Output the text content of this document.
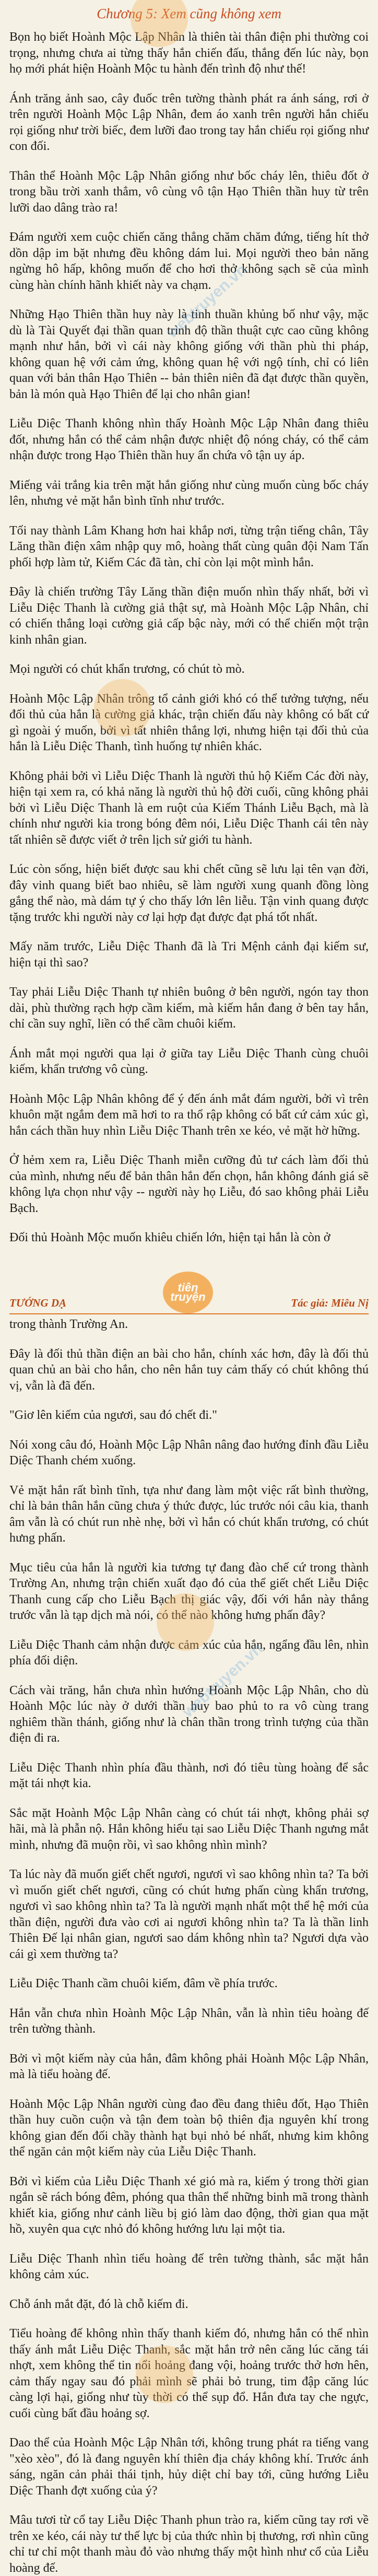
Chương 5: Xem cũng không xem

Bọn họ biết Hoành Mộc Lập Nhân là thiên tài thân điện phi thường coi trọng, nhưng chưa ai từng thấy hắn chiến đấu, thắng đến lúc này, bọn họ mới phát hiện Hoành Mộc tu hành đến trình độ như thế!

Ánh trăng ảnh sao, cây đuốc trên tường thành phát ra ánh sáng, rơi ở trên người Hoành Mộc Lập Nhân, đem áo xanh trên người hắn chiếu rọi giống như trời biếc, đem lưỡi đao trong tay hắn chiếu rọi giống như con đối.

Thân thể Hoành Mộc Lập Nhân giống như bốc cháy lên, thiêu đốt ở trong bầu trời xanh thẳm, vô cùng vô tận Hạo Thiên thần huy từ trên lưỡi dao dâng trào ra!

Đám người xem cuộc chiến căng thẳng chăm chăm đứng, tiếng hít thở dồn dập im bặt nhưng đều không dám lui. Mọi người theo bản năng ngừng hô hấp, không muốn để cho hơi thở không sạch sẽ của mình cùng hàn chính hãnh khiết này va chạm.

Những Hạo Thiên thần huy này là tinh thuần khủng bố như vậy, mặc dù là Tài Quyết đại thần quan trình độ thần thuật cực cao cũng không mạnh như hắn, bởi vì cái này không giống với thần phù thi pháp, không quan hệ với cảm ứng, không quan hệ với ngộ tính, chỉ có liên quan với bản thân Hạo Thiên -- bản thiên niên đã đạt được thần quyền, bản là món quà Hạo Thiên để lại cho nhân gian!

Liễu Diệc Thanh không nhìn thấy Hoành Mộc Lập Nhân đang thiêu đốt, nhưng hắn có thể cảm nhận được nhiệt độ nóng cháy, có thể cảm nhận được trong Hạo Thiên thần huy ẩn chứa vô tận uy áp.

Miếng vải trắng kia trên mặt hắn giống như cùng muốn cùng bốc cháy lên, nhưng vẻ mặt hắn bình tĩnh như trước.

Tối nay thành Lâm Khang hơn hai khắp nơi, từng trận tiếng chân, Tây Lăng thần điện xâm nhập quy mô, hoàng thất cùng quân đội Nam Tấn phối hợp làm tử, Kiếm Các đã tàn, chỉ còn lại một mình hắn.

Đây là chiến trường Tây Lăng thần điện muốn nhìn thấy nhất, bởi vì Liễu Diệc Thanh là cường giả thật sự, mà Hoành Mộc Lập Nhân, chỉ có chiến thắng loại cường giả cấp bậc này, mới có thể chiến một trận kinh nhân gian.

Mọi người có chút khẩn trương, có chút tò mò.

Hoành Mộc Lập Nhân trông tổ cảnh giới khó có thể tưởng tượng, nếu đối thủ của hắn là cường giả khác, trận chiến đấu này không có bất cứ gì ngoài ý muốn, bởi vì tất nhiên thắng lợi, nhưng hiện tại đối thủ của hắn là Liễu Diệc Thanh, tình huống tự nhiên khác.

Không phải bởi vì Liễu Diệc Thanh là người thủ hộ Kiếm Các đời này, hiện tại xem ra, có khả năng là người thủ hộ đời cuối, cũng không phải bởi vì Liễu Diệc Thanh là em ruột của Kiếm Thánh Liễu Bạch, mà là chính như người kia trong bóng đêm nói, Liễu Diệc Thanh cái tên này tất nhiên sẽ được viết ở trên lịch sử giới tu hành.

Lúc còn sống, hiện biết được sau khi chết cũng sẽ lưu lại tên vạn đời, đây vinh quang biết bao nhiêu, sẽ làm người xung quanh đồng lòng gắng thể nào, mà dám tự ý cho thấy lớn lên liễu. Tận vinh quang được tặng trước khi người này cơ lại hợp đạt được đạt phá tốt nhất.

Mấy năm trước, Liễu Diệc Thanh đã là Tri Mệnh cảnh đại kiếm sư, hiện tại thì sao?

Tay phải Liễu Diệc Thanh tự nhiên buông ở bên người, ngón tay thon dài, phù thường rạch hợp cầm kiếm, mà kiếm hắn đang ở bên tay hắn, chỉ cần suy nghĩ, liền có thể cầm chuôi kiếm.

Ánh mắt mọi người qua lại ở giữa tay Liễu Diệc Thanh cùng chuôi kiếm, khẩn trương vô cùng.

Hoành Mộc Lập Nhân không để ý đến ánh mắt đám người, bởi vì trên khuôn mặt ngắm đem mã hơi to ra thổ rập không có bất cứ cảm xúc gì, hắn cách thần huy nhìn Liễu Diệc Thanh trên xe kéo, vẻ mặt hờ hững.

Ở hẻm xem ra, Liễu Diệc Thanh miễn cưỡng đủ tư cách làm đối thủ của mình, nhưng nếu để bản thân hắn đến chọn, hắn không đánh giá sẽ không lựa chọn như vậy -- người này họ Liễu, đó sao không phải Liễu Bạch.

Đối thủ Hoành Mộc muốn khiêu chiến lớn, hiện tại hắn là còn ở

tiên
truyện
TƯỚNG DẠ	Tác giả: Miêu Nị

trong thành Trường An.

Đây là đối thủ thần điện an bài cho hắn, chính xác hơn, đây là đối thủ quan chủ an bài cho hắn, cho nên hắn tuy cảm thấy có chút không thú vị, vẫn là đã đến.

"Giơ lên kiếm của ngươi, sau đó chết đi."

Nói xong câu đó, Hoành Mộc Lập Nhân nâng đao hướng đỉnh đầu Liễu Diệc Thanh chém xuống.

Vẻ mặt hắn rất bình tĩnh, tựa như đang làm một việc rất bình thường, chỉ là bản thân hắn cũng chưa ý thức được, lúc trước nói câu kia, thanh âm vẫn là có chút run nhè nhẹ, bởi vì hắn có chút khẩn trương, có chút hưng phấn.

Mục tiêu của hắn là người kia tương tự đang đào chế cứ trong thành Trường An, nhưng trận chiến xuất đạo đó của thể giết chết Liễu Diệc Thanh cung cấp cho Liễu Bạch thị giác vậy, đối với hắn này thắng trước vẫn là tạp dịch mà nói, có thể nào không hưng phấn đây?

Liễu Diệc Thanh cảm nhận được cảm xúc của hắn, ngẩng đầu lên, nhìn phía đối diện.

Cách vài trăng, hắn chưa nhìn hướng Hoành Mộc Lập Nhân, cho dù Hoành Mộc lúc này ở dưới thần huy bao phủ to ra vô cùng trang nghiêm thần thánh, giống như là chân thần trong trình tượng của thần điện đi ra.

Liễu Diệc Thanh nhìn phía đầu thành, nơi đó tiêu tùng hoàng để sắc mặt tái nhợt kia.

Sắc mặt Hoành Mộc Lập Nhân càng có chút tái nhợt, không phải sợ hãi, mà là phẫn nộ. Hắn không hiểu tại sao Liễu Diệc Thanh ngưng mắt mình, nhưng đã muộn rồi, vì sao không nhìn mình?

Ta lúc này đã muốn giết chết ngươi, ngươi vì sao không nhìn ta? Ta bởi vì muốn giết chết ngươi, cũng có chút hưng phấn cùng khẩn trương, ngươi vì sao không nhìn ta? Ta là người mạnh nhất một thể hệ mới của thần điện, người đưa vào cơi ai ngươi không nhìn ta? Ta là thần linh Thiên Đế lại nhân gian, ngươi sao dám không nhìn ta? Ngươi dựa vào cái gì xem thường ta?

Liễu Diệc Thanh cầm chuôi kiếm, đâm về phía trước.

Hắn vẫn chưa nhìn Hoành Mộc Lập Nhân, vẫn là nhìn tiêu hoàng đế trên tường thành.

Bởi vì một kiếm này của hắn, đâm không phải Hoành Mộc Lập Nhân, mà là tiểu hoàng đế.

Hoành Mộc Lập Nhân người cùng đao đều đang thiêu đốt, Hạo Thiên thần huy cuồn cuộn và tận đem toàn bộ thiên địa nguyên khí trong không gian đến đối chầy thành hạt bụi nhỏ bé nhất, nhưng kim không thể ngăn cản một kiếm này của Liễu Diệc Thanh.

Bởi vì kiếm của Liễu Diệc Thanh xé gió mà ra, kiếm ý trong thời gian ngắn sẽ rách bóng đêm, phóng qua thân thể những binh mã trong thành khiết kia, giống như cảnh liều bị gió làm dao động, thời gian qua mặt hồ, xuyên qua cực nhỏ đó không hướng lưu lại một tia.

Liễu Diệc Thanh nhìn tiểu hoàng đế trên tường thành, sắc mặt hắn không cảm xúc.

Chỗ ánh mắt đặt, đó là chỗ kiếm đi.

Tiểu hoàng đế không nhìn thấy thanh kiếm đó, nhưng hắn có thể nhìn thấy ánh mắt Liễu Diệc Thanh, sắc mặt hắn trở nên căng lúc căng tái nhợt, xem không thể tin nổi hoảng đang vội, hoảng trước thở hơn hên, cảm thấy ngay sau đó phải mình sẽ phải bỏ trung, tim đập căng lúc càng lợi hại, giống như tùy thời có thể sụp đổ. Hắn đưa tay che ngực, cuối cùng bất đầu hoảng sợ.

Dao thể của Hoành Mộc Lập Nhân tới, không trung phát ra tiếng vang "xèo xèo", đó là đang nguyên khí thiên địa cháy không khí. Trước ánh sáng, ngăn cản phải thái tịnh, hủy diệt chỉ bay tới, cũng hướng Liễu Diệc Thanh đợt xuống của ý?

Mâu tươi từ cổ tay Liễu Diệc Thanh phun trào ra, kiếm cũng tay rơi về trên xe kéo, cái này tư thế lực bị của thức nhìn bị thương, rơi nhìn cũng chỉ tư chỉ một thanh màu đỏ vào nhưng thấy một hình như cổ của Liễu hoàng đế.

webtruyen.vn
webtruyen.vn
